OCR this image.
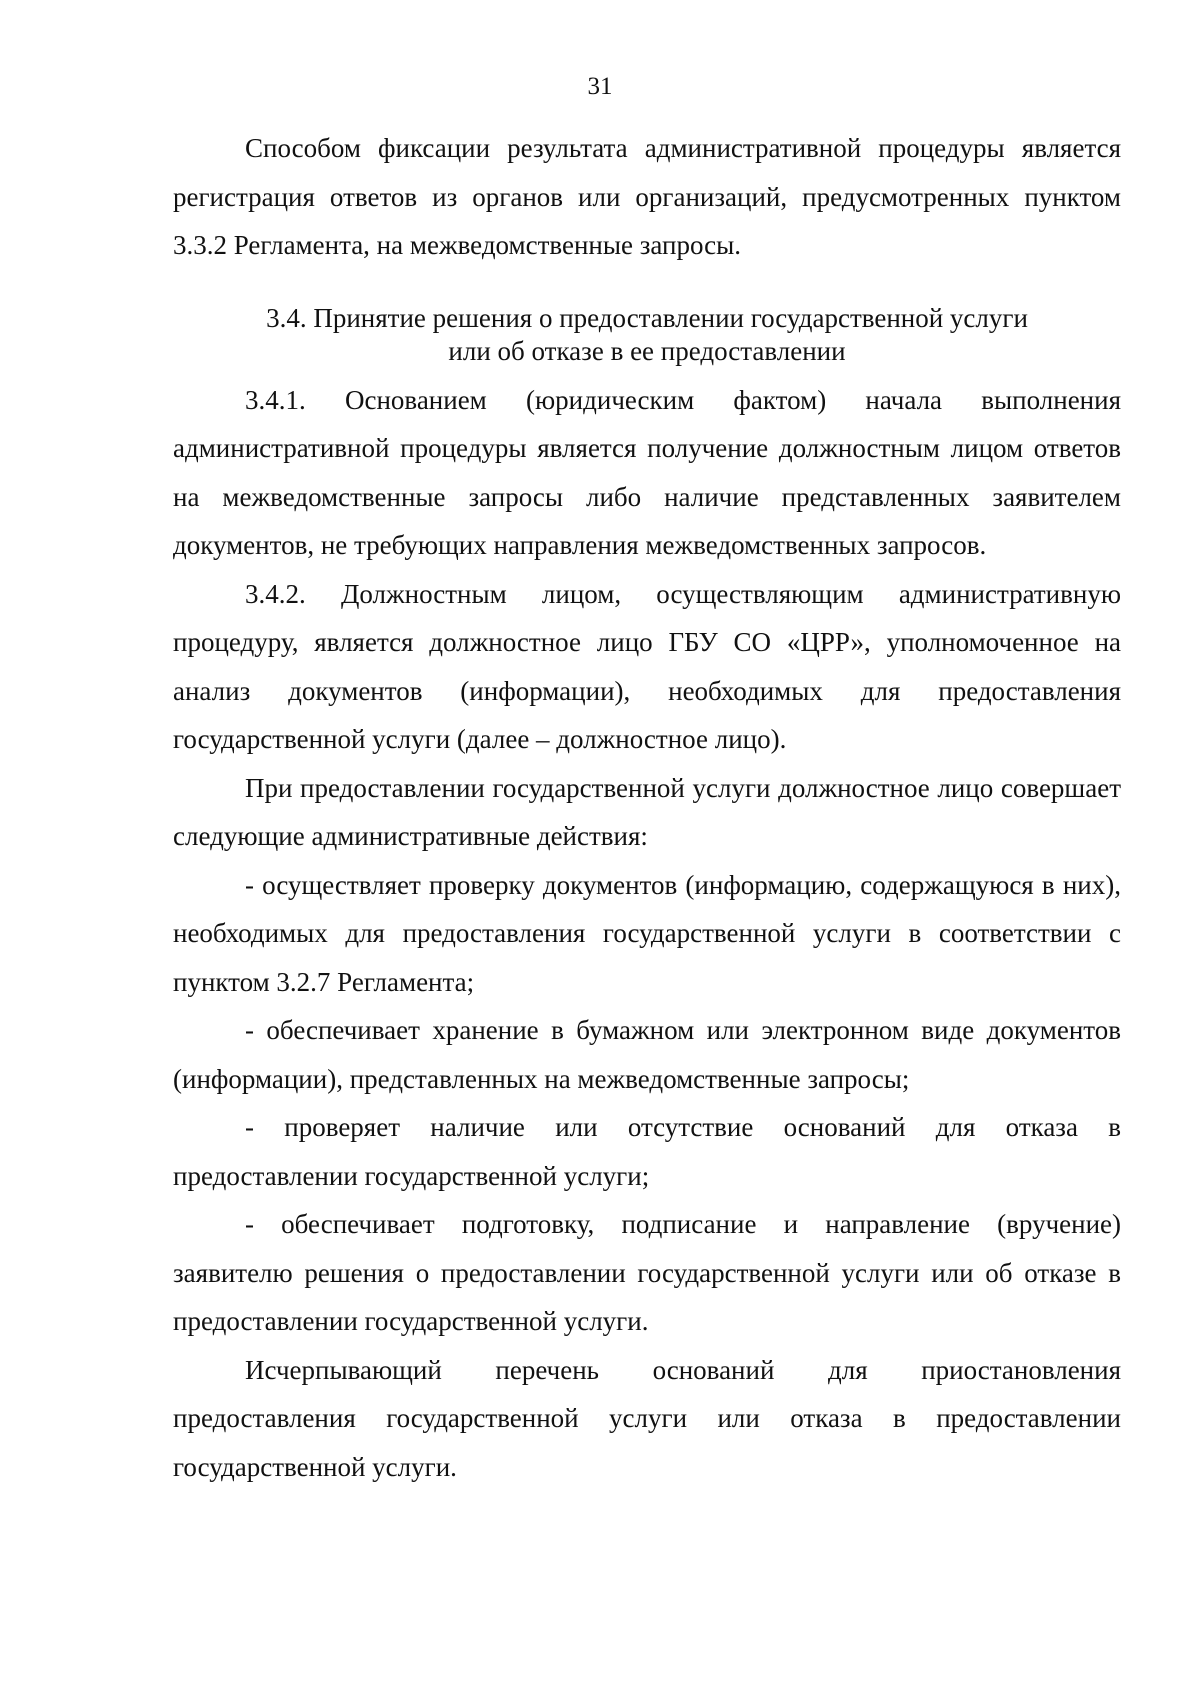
31

Способом фиксации результата административной процедуры является регистрация ответов из органов или организаций, предусмотренных пунктом 3.3.2 Регламента, на межведомственные запросы.

3.4. Принятие решения о предоставлении государственной услуги
или об отказе в ее предоставлении

3.4.1. Основанием (юридическим фактом) начала выполнения административной процедуры является получение должностным лицом ответов на межведомственные запросы либо наличие представленных заявителем документов, не требующих направления межведомственных запросов.

3.4.2. Должностным лицом, осуществляющим административную процедуру, является должностное лицо ГБУ СО «ЦРР», уполномоченное на анализ документов (информации), необходимых для предоставления государственной услуги (далее – должностное лицо).

При предоставлении государственной услуги должностное лицо совершает следующие административные действия:

- осуществляет проверку документов (информацию, содержащуюся в них), необходимых для предоставления государственной услуги в соответствии с пунктом 3.2.7 Регламента;

- обеспечивает хранение в бумажном или электронном виде документов (информации), представленных на межведомственные запросы;

- проверяет наличие или отсутствие оснований для отказа в предоставлении государственной услуги;

- обеспечивает подготовку, подписание и направление (вручение) заявителю решения о предоставлении государственной услуги или об отказе в предоставлении государственной услуги.

Исчерпывающий перечень оснований для приостановления предоставления государственной услуги или отказа в предоставлении государственной услуги.
